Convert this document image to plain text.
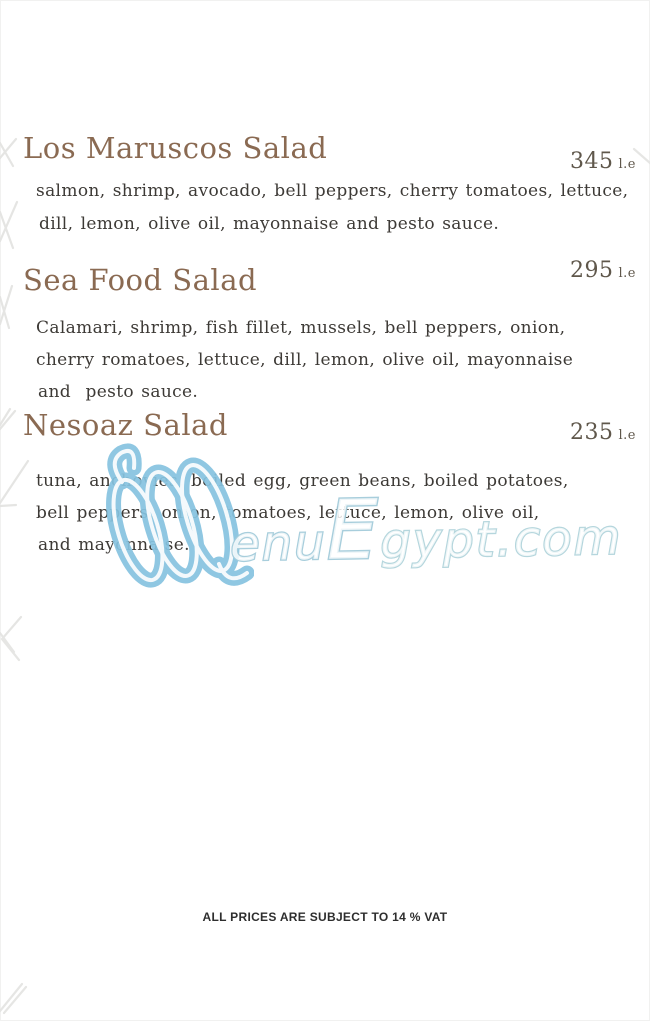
Los Maruscos Salad	345 l.e
salmon, shrimp, avocado, bell peppers, cherry tomatoes, lettuce,
dill, lemon, olive oil, mayonnaise and pesto sauce.
Sea Food Salad	295 l.e
Calamari, shrimp, fish fillet, mussels, bell peppers, onion,
cherry romatoes, lettuce, dill, lemon, olive oil, mayonnaise
and  pesto sauce.
Nesoaz Salad	235 l.e
tuna, anchovies, boiled egg, green beans, boiled potatoes,
bell peppers, onion, tomatoes, lettuce, lemon, olive oil,
and mayonnaise. enu
E
gypt.com
ALL PRICES ARE SUBJECT TO 14 % VAT
